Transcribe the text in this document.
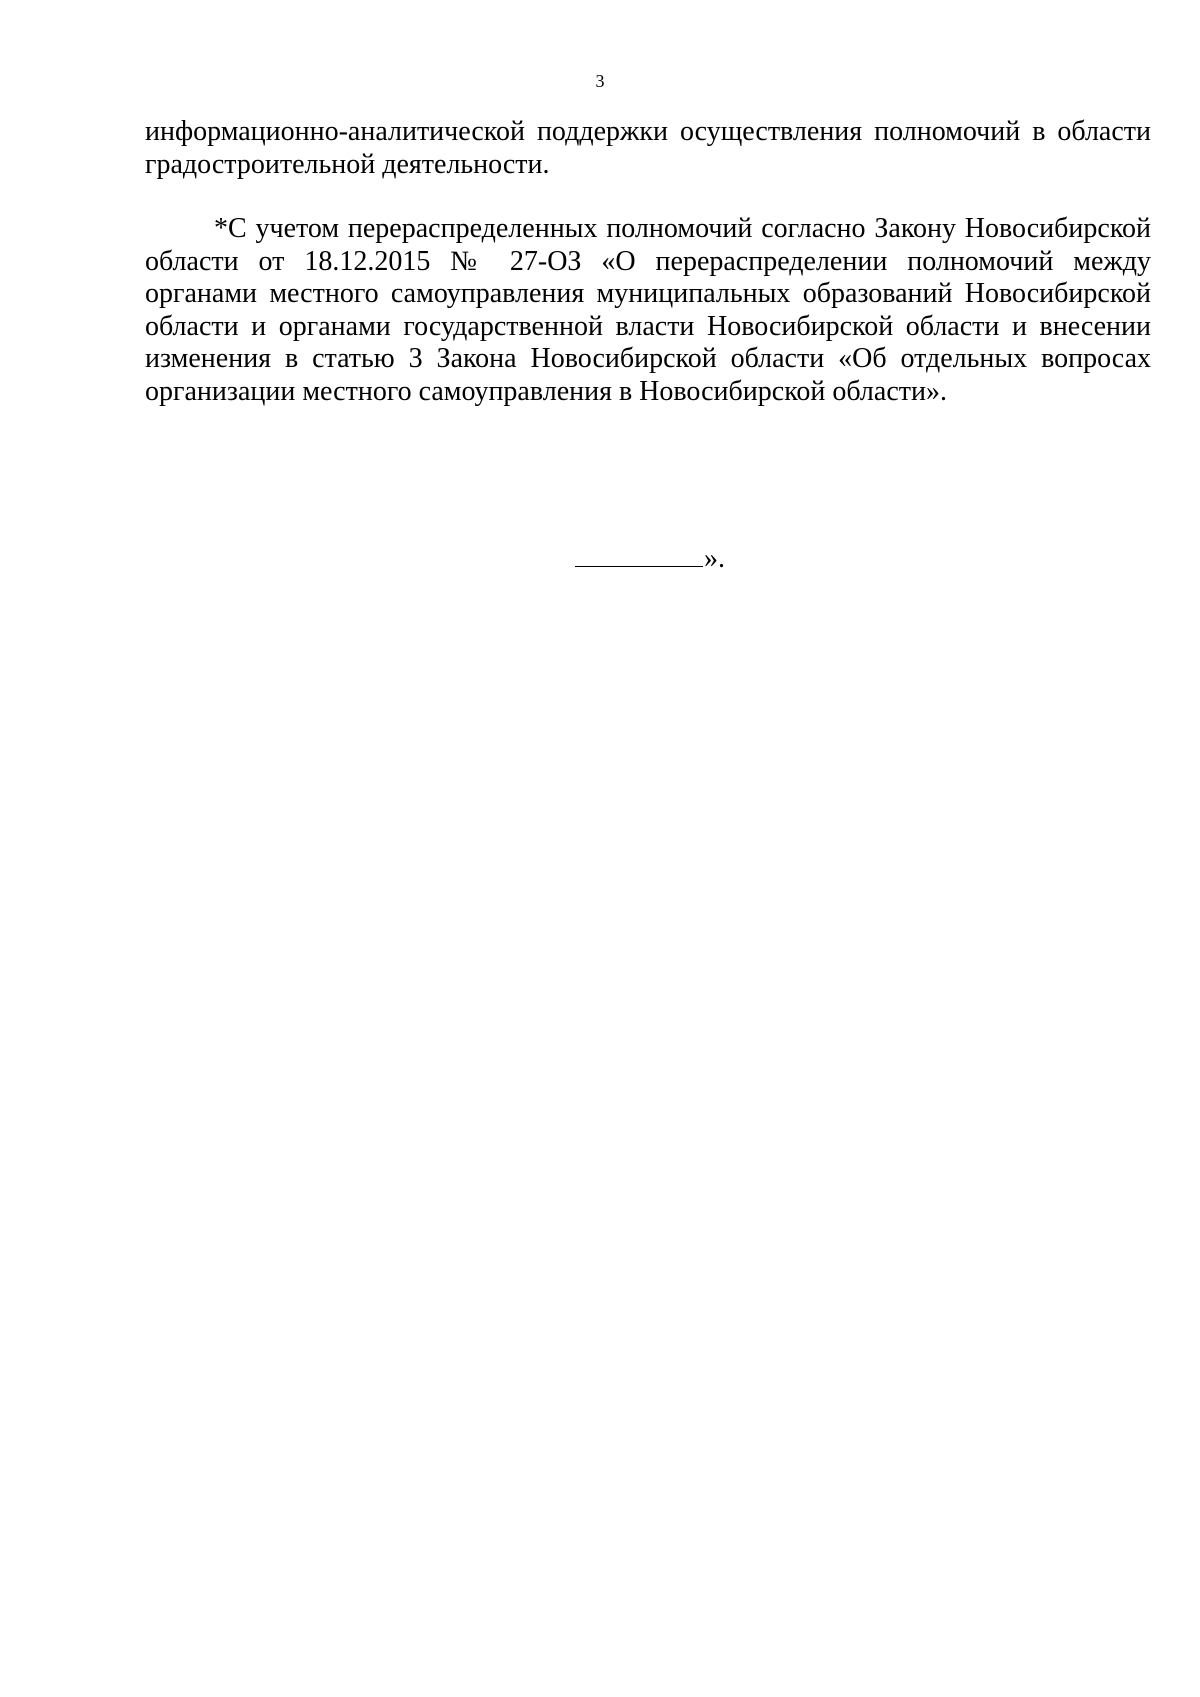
3
информационно-аналитической поддержки осуществления полномочий в области градостроительной деятельности.
*С учетом перераспределенных полномочий согласно Закону Новосибирской области от 18.12.2015 № 27-ОЗ «О перераспределении полномочий между органами местного самоуправления муниципальных образований Новосибирской области и органами государственной власти Новосибирской области и внесении изменения в статью 3 Закона Новосибирской области «Об отдельных вопросах организации местного самоуправления в Новосибирской области».
».
